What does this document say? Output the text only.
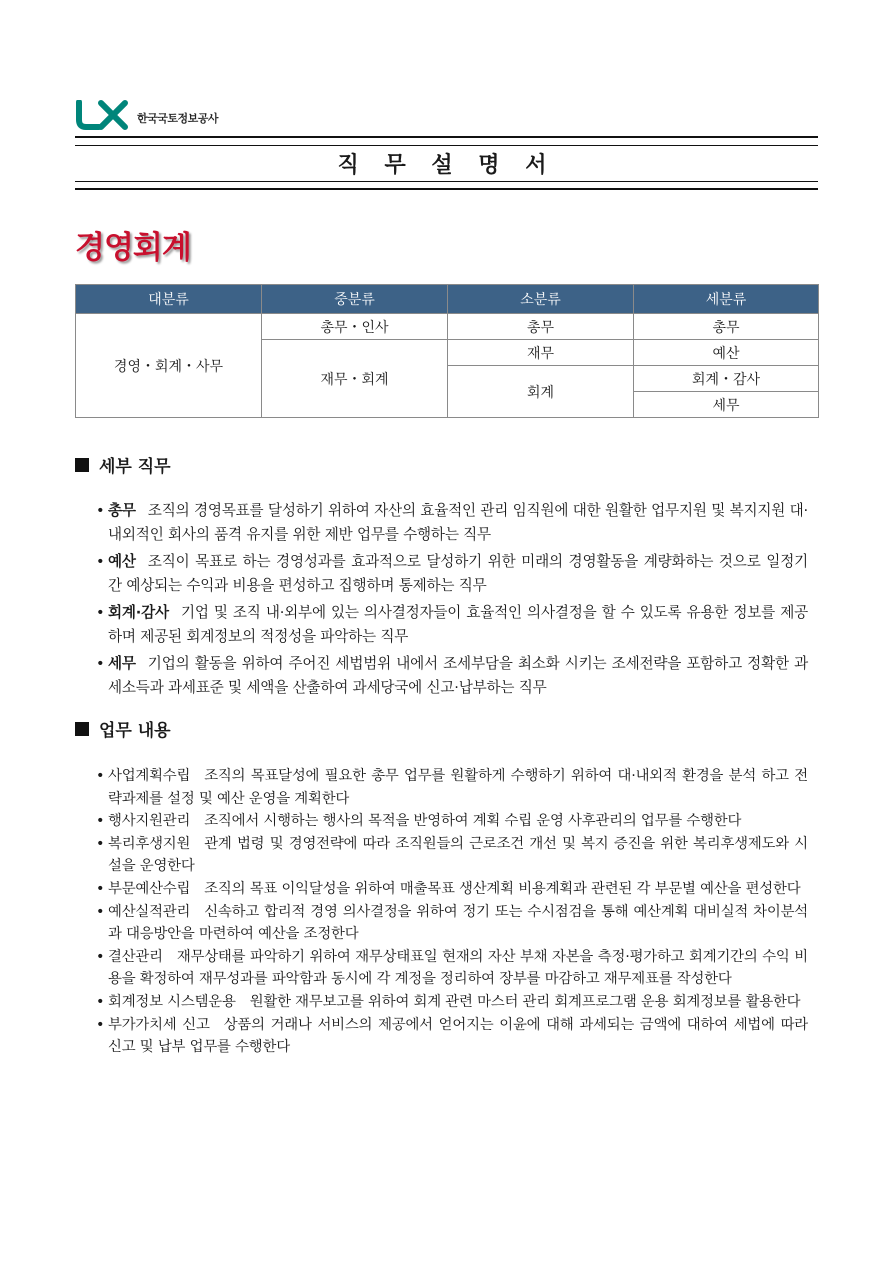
한국국토정보공사
직 무 설 명 서
경영회계
대분류	중분류	소분류	세분류
경영・회계・사무	총무・인사	총무	총무
	재무・회계	재무	예산
		회계	회계・감사
			세무
세부 직무
• 총무 조직의 경영목표를 달성하기 위하여 자산의 효율적인 관리 임직원에 대한 원활한 업무지원 및 복지지원 대·내외적인 회사의 품격 유지를 위한 제반 업무를 수행하는 직무
• 예산 조직이 목표로 하는 경영성과를 효과적으로 달성하기 위한 미래의 경영활동을 계량화하는 것으로 일정기간 예상되는 수익과 비용을 편성하고 집행하며 통제하는 직무
• 회계·감사 기업 및 조직 내·외부에 있는 의사결정자들이 효율적인 의사결정을 할 수 있도록 유용한 정보를 제공하며 제공된 회계정보의 적정성을 파악하는 직무
• 세무 기업의 활동을 위하여 주어진 세법범위 내에서 조세부담을 최소화 시키는 조세전략을 포함하고 정확한 과세소득과 과세표준 및 세액을 산출하여 과세당국에 신고·납부하는 직무
업무 내용
• 사업계획수립 조직의 목표달성에 필요한 총무 업무를 원활하게 수행하기 위하여 대·내외적 환경을 분석 하고 전략과제를 설정 및 예산 운영을 계획한다
• 행사지원관리 조직에서 시행하는 행사의 목적을 반영하여 계획 수립 운영 사후관리의 업무를 수행한다
• 복리후생지원 관계 법령 및 경영전략에 따라 조직원들의 근로조건 개선 및 복지 증진을 위한 복리후생제도와 시설을 운영한다
• 부문예산수립 조직의 목표 이익달성을 위하여 매출목표 생산계획 비용계획과 관련된 각 부문별 예산을 편성한다
• 예산실적관리 신속하고 합리적 경영 의사결정을 위하여 정기 또는 수시점검을 통해 예산계획 대비실적 차이분석과 대응방안을 마련하여 예산을 조정한다
• 결산관리 재무상태를 파악하기 위하여 재무상태표일 현재의 자산 부채 자본을 측정·평가하고 회계기간의 수익 비용을 확정하여 재무성과를 파악함과 동시에 각 계정을 정리하여 장부를 마감하고 재무제표를 작성한다
• 회계정보 시스템운용 원활한 재무보고를 위하여 회계 관련 마스터 관리 회계프로그램 운용 회계정보를 활용한다
• 부가가치세 신고 상품의 거래나 서비스의 제공에서 얻어지는 이윤에 대해 과세되는 금액에 대하여 세법에 따라 신고 및 납부 업무를 수행한다
